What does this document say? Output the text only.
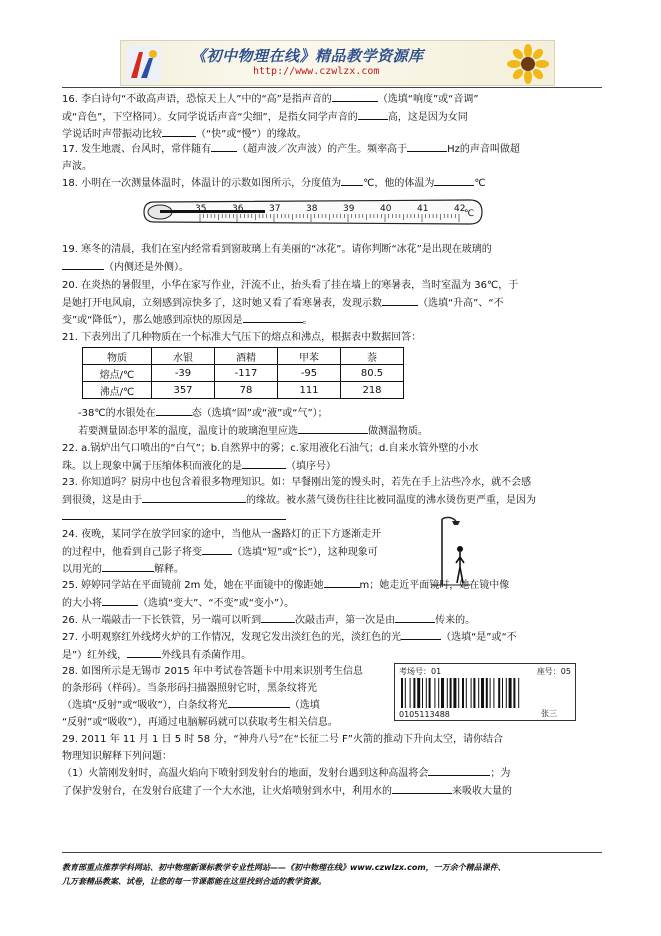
《初中物理在线》精品教学资源库
http://www.czwlzx.com
16. 李白诗句“不敢高声语，恐惊天上人”中的“高”是指声音的	（选填“响度”或“音调”
或“音色”，下空格同）。女同学说话声音“尖细”，是指女同学声音的	高，这是因为女同
学说话时声带振动比较	（“快”或“慢”）的缘故。
17. 发生地震、台风时，常伴随有	（超声波／次声波）的产生。频率高于	Hz的声音叫做超
声波。
18. 小明在一次测量体温时，体温计的示数如图所示，分度值为 ℃，他的体温为	℃
35	36	37	38	39	40	41	42
℃
19. 寒冬的清晨，我们在室内经常看到窗玻璃上有美丽的“冰花”。请你判断“冰花”是出现在玻璃的
（内侧还是外侧）。
20. 在炎热的暑假里，小华在家写作业，汗流不止，抬头看了挂在墙上的寒暑表，当时室温为 36℃，于
是她打开电风扇，立刻感到凉快多了，这时她又看了看寒暑表，发现示数	（选填“升高”、“不
变”或“降低”），那么她感到凉快的原因是	。
21. 下表列出了几种物质在一个标准大气压下的熔点和沸点，根据表中数据回答：
物质	水银	酒精	甲苯	萘
熔点/℃	-39	-117	-95	80.5
沸点/℃	357	78	111	218
-38℃的水银处在	态（选填“固”或“液”或“气”）；
若要测量固态甲苯的温度，温度计的玻璃泡里应选	做测温物质。
22. a.锅炉出气口喷出的“白气”；b.自然界中的雾；c.家用液化石油气；d.自来水管外壁的小水
珠。以上现象中属于压缩体积而液化的是	（填序号）
23. 你知道吗？厨房中也包含着很多物理知识。如：早餐刚出笼的馒头时，若先在手上沾些冷水，就不会感
到很烫，这是由于	的缘故。被水蒸气烫伤往往比被同温度的沸水烫伤更严重，是因为

24. 夜晚，某同学在放学回家的途中，当他从一盏路灯的正下方逐渐走开
的过程中，他看到自己影子将变	（选填“短”或“长”），这种现象可
以用光的	解释。
25. 婷婷同学站在平面镜前 2m 处，她在平面镜中的像距她	m；她走近平面镜时，她在镜中像
的大小将	（选填“变大”、“不变”或“变小”）。
26. 从一端敲击一下长铁管，另一端可以听到	次敲击声，第一次是由	传来的。
27. 小明观察红外线烤火炉的工作情况，发现它发出淡红色的光，淡红色的光	（选填“是”或“不
是”）红外线，	外线具有杀菌作用。
28. 如图所示是无锡市 2015 年中考试卷答题卡中用来识别考生信息
的条形码（样码）。当条形码扫描器照射它时，黑条纹将光
（选填“反射”或“吸收”），白条纹将光	（选填
“反射”或“吸收”），再通过电脑解码就可以获取考生相关信息。
考场号：01	座号：05
0105113488	张三
29. 2011 年 11 月 1 日 5 时 58 分，“神舟八号”在“长征二号 F”火箭的推动下升向太空，请你结合
物理知识解释下列问题：
（1）火箭刚发射时，高温火焰向下喷射到发射台的地面，发射台遇到这种高温将会	；为
了保护发射台，在发射台底建了一个大水池，让火焰喷射到水中，利用水的	来吸收大量的
教育部重点推荐学科网站、初中物理新课标教学专业性网站——《初中物理在线》www.czwlzx.com，一万余个精品课件、
几万套精品教案、试卷，让您的每一节课都能在这里找到合适的教学资源。
